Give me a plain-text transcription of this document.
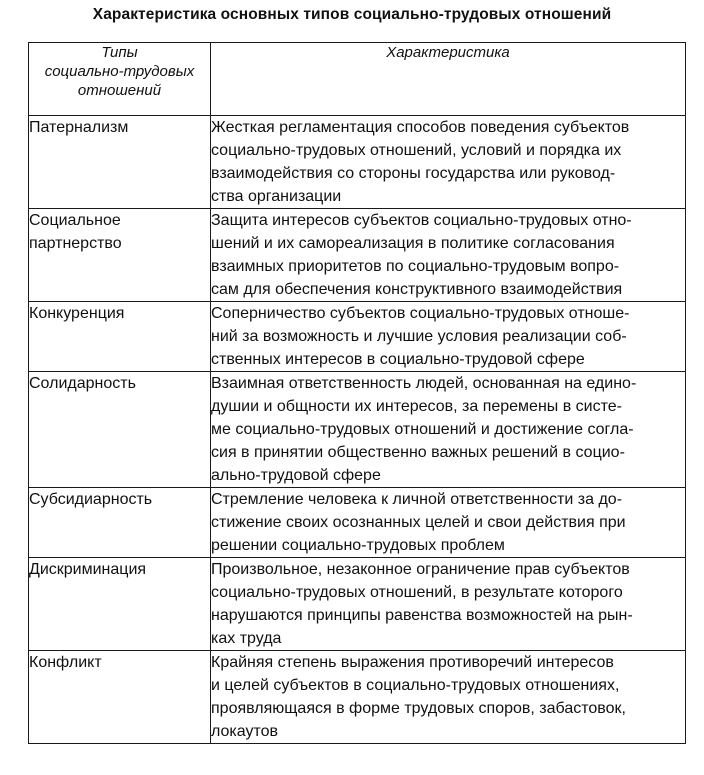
Характеристика основных типов социально-трудовых отношений
Типы
социально-трудовых
отношений	Характеристика

Патернализм	Жесткая регламентация способов поведения субъектов
социально-трудовых отношений, условий и порядка их
взаимодействия со стороны государства или руковод-
ства организации

Социальное
партнерство	Защита интересов субъектов социально-трудовых отно-
шений и их самореализация в политике согласования
взаимных приоритетов по социально-трудовым вопро-
сам для обеспечения конструктивного взаимодействия

Конкуренция	Соперничество субъектов социально-трудовых отноше-
ний за возможность и лучшие условия реализации соб-
ственных интересов в социально-трудовой сфере

Солидарность	Взаимная ответственность людей, основанная на едино-
душии и общности их интересов, за перемены в систе-
ме социально-трудовых отношений и достижение согла-
сия в принятии общественно важных решений в социо-
ально-трудовой сфере

Субсидиарность	Стремление человека к личной ответственности за до-
стижение своих осознанных целей и свои действия при
решении социально-трудовых проблем

Дискриминация	Произвольное, незаконное ограничение прав субъектов
социально-трудовых отношений, в результате которого
нарушаются принципы равенства возможностей на рын-
ках труда

Конфликт	Крайняя степень выражения противоречий интересов
и целей субъектов в социально-трудовых отношениях,
проявляющаяся в форме трудовых споров, забастовок,
локаутов
